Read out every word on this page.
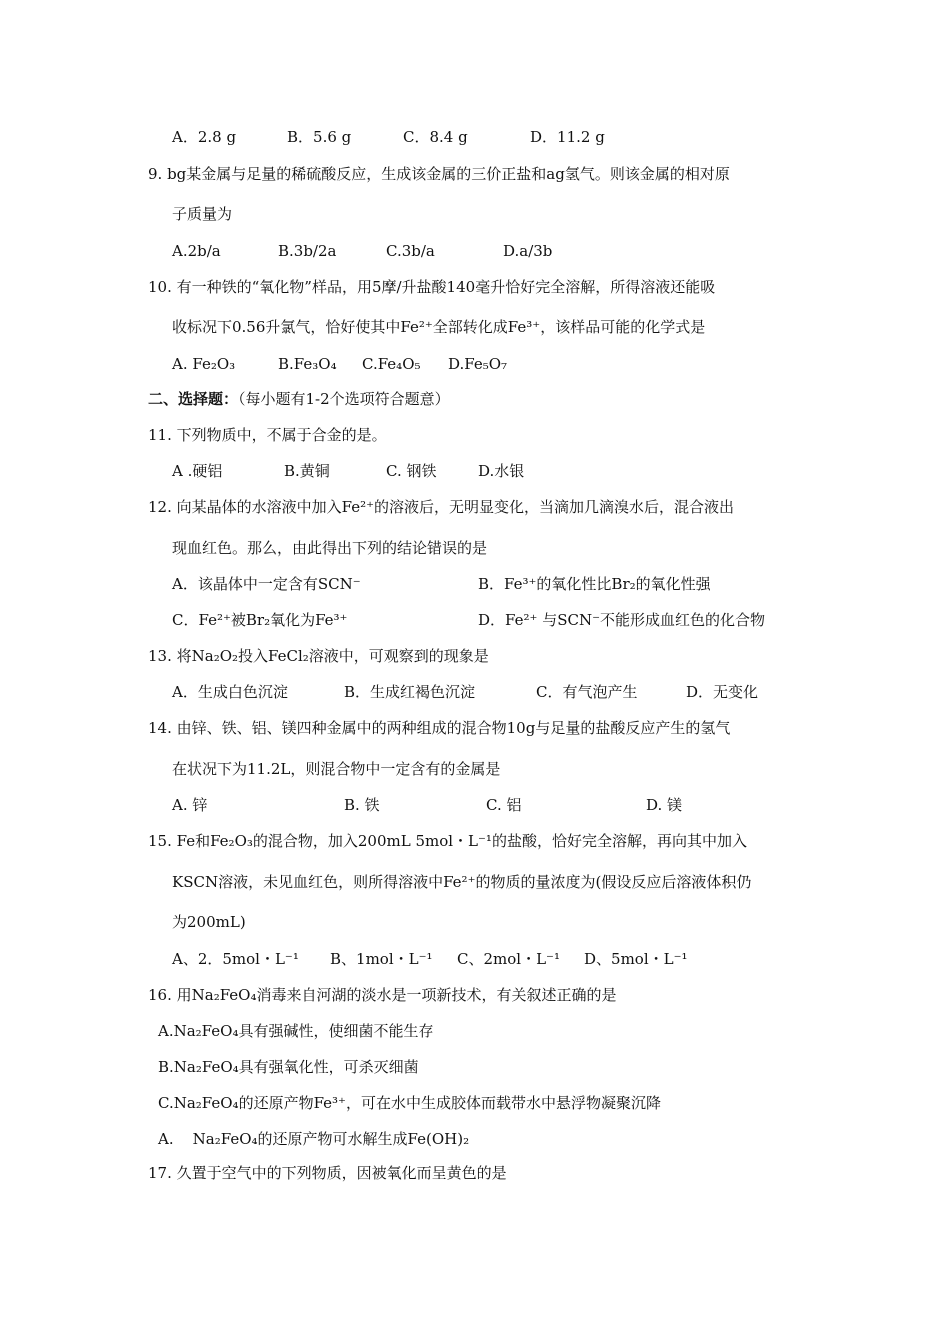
A．2.8 g	B．5.6 g	C．8.4 g	D．11.2 g
9. bg某金属与足量的稀硫酸反应，生成该金属的三价正盐和ag氢气。则该金属的相对原
子质量为
A.2b/a	B.3b/2a	C.3b/a	D.a/3b
10. 有一种铁的“氧化物”样品，用5摩/升盐酸140毫升恰好完全溶解，所得溶液还能吸
收标况下0.56升氯气，恰好使其中Fe²⁺全部转化成Fe³⁺，该样品可能的化学式是
A. Fe₂O₃	B.Fe₃O₄ C.Fe₄O₅ D.Fe₅O₇
二、选择题：（每小题有1-2个选项符合题意）
11. 下列物质中，不属于合金的是。
A .硬铝	B.黄铜	C. 钢铁	D.水银
12. 向某晶体的水溶液中加入Fe²⁺的溶液后，无明显变化，当滴加几滴溴水后，混合液出
现血红色。那么，由此得出下列的结论错误的是
A．该晶体中一定含有SCN⁻	B．Fe³⁺的氧化性比Br₂的氧化性强
C．Fe²⁺被Br₂氧化为Fe³⁺	D．Fe²⁺ 与SCN⁻不能形成血红色的化合物
13. 将Na₂O₂投入FeCl₂溶液中，可观察到的现象是
A．生成白色沉淀	B．生成红褐色沉淀	C．有气泡产生	D．无变化
14. 由锌、铁、铝、镁四种金属中的两种组成的混合物10g与足量的盐酸反应产生的氢气
在状况下为11.2L，则混合物中一定含有的金属是
A. 锌	B. 铁	C. 铝	D. 镁
15. Fe和Fe₂O₃的混合物，加入200mL 5mol・L⁻¹的盐酸，恰好完全溶解，再向其中加入
KSCN溶液，未见血红色，则所得溶液中Fe²⁺的物质的量浓度为(假设反应后溶液体积仍
为200mL)
A、2．5mol・L⁻¹ B、1mol・L⁻¹ C、2mol・L⁻¹ D、5mol・L⁻¹
16. 用Na₂FeO₄消毒来自河湖的淡水是一项新技术，有关叙述正确的是
A.Na₂FeO₄具有强碱性，使细菌不能生存
B.Na₂FeO₄具有强氧化性，可杀灭细菌
C.Na₂FeO₄的还原产物Fe³⁺，可在水中生成胶体而载带水中悬浮物凝聚沉降
A.    Na₂FeO₄的还原产物可水解生成Fe(OH)₂
17. 久置于空气中的下列物质，因被氧化而呈黄色的是
